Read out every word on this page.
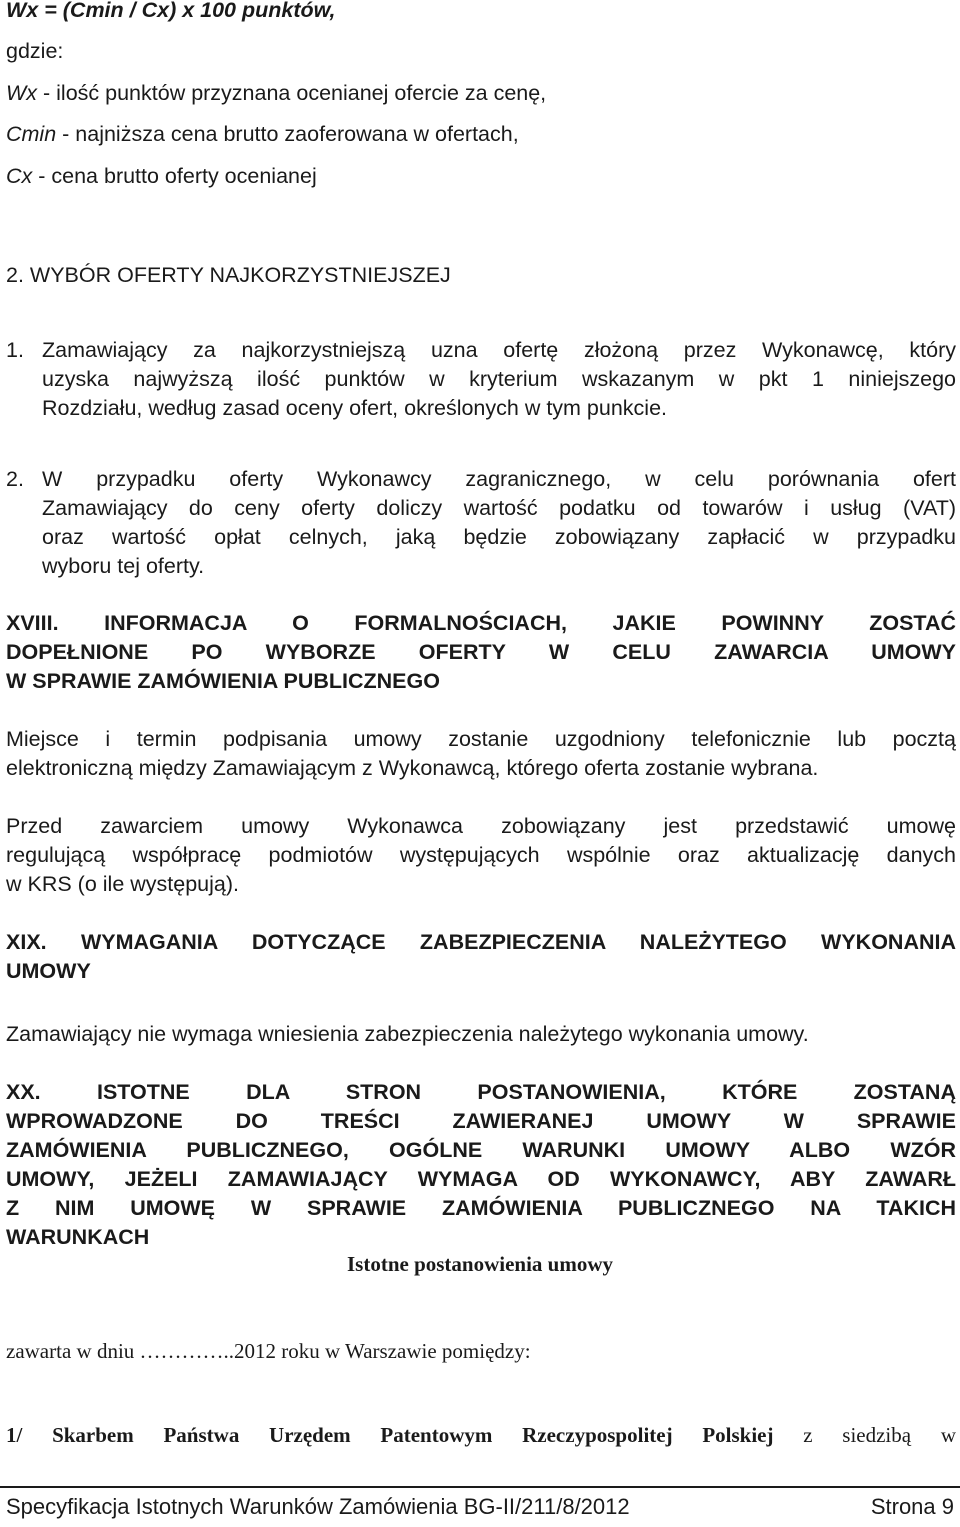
Wx = (Cmin / Cx) x 100 punktów,
gdzie:
Wx - ilość punktów przyznana ocenianej ofercie za cenę,
Cmin - najniższa cena brutto zaoferowana w ofertach,
Cx - cena brutto oferty ocenianej
2. WYBÓR OFERTY NAJKORZYSTNIEJSZEJ
1. Zamawiający za najkorzystniejszą uzna ofertę złożoną przez Wykonawcę, który
uzyska najwyższą ilość punktów w kryterium wskazanym w pkt 1 niniejszego
Rozdziału, według zasad oceny ofert, określonych w tym punkcie.
2. W przypadku oferty Wykonawcy zagranicznego, w celu porównania ofert
Zamawiający do ceny oferty doliczy wartość podatku od towarów i usług (VAT)
oraz wartość opłat celnych, jaką będzie zobowiązany zapłacić w przypadku
wyboru tej oferty.
XVIII. INFORMACJA O FORMALNOŚCIACH, JAKIE POWINNY ZOSTAĆ
DOPEŁNIONE PO WYBORZE OFERTY W CELU ZAWARCIA UMOWY
W SPRAWIE ZAMÓWIENIA PUBLICZNEGO
Miejsce i termin podpisania umowy zostanie uzgodniony telefonicznie lub pocztą
elektroniczną między Zamawiającym z Wykonawcą, którego oferta zostanie wybrana.
Przed zawarciem umowy Wykonawca zobowiązany jest przedstawić umowę
regulującą współpracę podmiotów występujących wspólnie oraz aktualizację danych
w KRS (o ile występują).
XIX. WYMAGANIA DOTYCZĄCE ZABEZPIECZENIA NALEŻYTEGO WYKONANIA
UMOWY
Zamawiający nie wymaga wniesienia zabezpieczenia należytego wykonania umowy.
XX. ISTOTNE DLA STRON POSTANOWIENIA, KTÓRE ZOSTANĄ
WPROWADZONE DO TREŚCI ZAWIERANEJ UMOWY W SPRAWIE
ZAMÓWIENIA PUBLICZNEGO, OGÓLNE WARUNKI UMOWY ALBO WZÓR
UMOWY, JEŻELI ZAMAWIAJĄCY WYMAGA OD WYKONAWCY, ABY ZAWARŁ
Z NIM UMOWĘ W SPRAWIE ZAMÓWIENIA PUBLICZNEGO NA TAKICH
WARUNKACH
Istotne postanowienia umowy
zawarta w dniu …………..2012 roku w Warszawie pomiędzy:
1/ Skarbem Państwa Urzędem Patentowym Rzeczypospolitej Polskiej z siedzibą w
Specyfikacja Istotnych Warunków Zamówienia BG-II/211/8/2012	Strona 9
